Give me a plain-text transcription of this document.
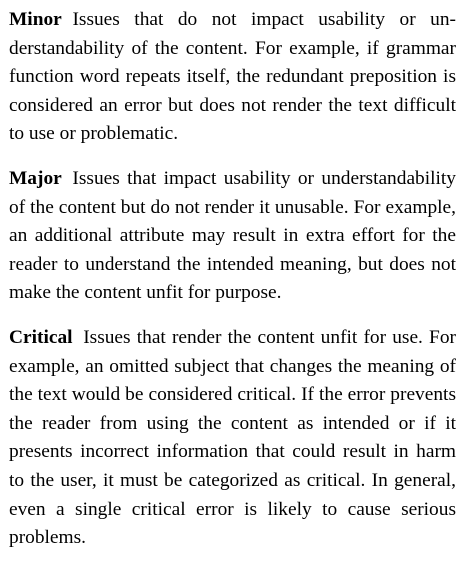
Minor Issues that do not impact usability or understandability of the content. For example, if grammar function word repeats itself, the redundant preposition is considered an error but does not render the text difficult to use or problematic.

Major Issues that impact usability or understandability of the content but do not render it unusable. For example, an additional attribute may result in extra effort for the reader to understand the intended meaning, but does not make the content unfit for purpose.

Critical Issues that render the content unfit for use. For example, an omitted subject that changes the meaning of the text would be considered critical. If the error prevents the reader from using the content as intended or if it presents incorrect information that could result in harm to the user, it must be categorized as critical. In general, even a single critical error is likely to cause serious problems.
